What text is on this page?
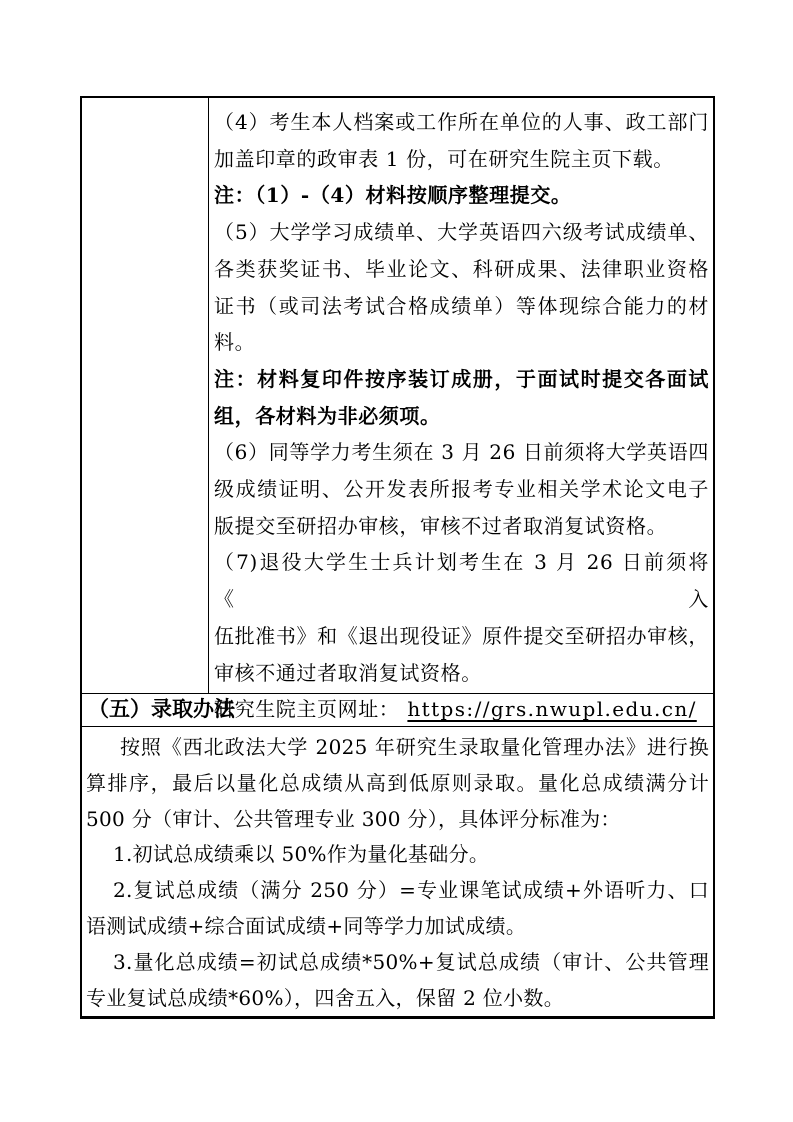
（4）考生本人档案或工作所在单位的人事、政工部门
加盖印章的政审表 1 份，可在研究生院主页下载。
注：（1）-（4）材料按顺序整理提交。
（5）大学学习成绩单、大学英语四六级考试成绩单、
各类获奖证书、毕业论文、科研成果、法律职业资格
证书（或司法考试合格成绩单）等体现综合能力的材
料。
注：材料复印件按序装订成册，于面试时提交各面试
组，各材料为非必须项。
（6）同等学力考生须在 3 月 26 日前须将大学英语四
级成绩证明、公开发表所报考专业相关学术论文电子
版提交至研招办审核，审核不过者取消复试资格。
（7)退役大学生士兵计划考生在 3 月 26 日前须将《入
伍批准书》和《退出现役证》原件提交至研招办审核，
审核不通过者取消复试资格。
研究生院主页网址： https://grs.nwupl.edu.cn/
（五）录取办法
按照《西北政法大学 2025 年研究生录取量化管理办法》进行换
算排序，最后以量化总成绩从高到低原则录取。量化总成绩满分计
500 分（审计、公共管理专业 300 分），具体评分标准为：
1.初试总成绩乘以 50%作为量化基础分。
2.复试总成绩（满分 250 分）=专业课笔试成绩+外语听力、口
语测试成绩+综合面试成绩+同等学力加试成绩。
3.量化总成绩=初试总成绩*50%+复试总成绩（审计、公共管理
专业复试总成绩*60%），四舍五入，保留 2 位小数。
